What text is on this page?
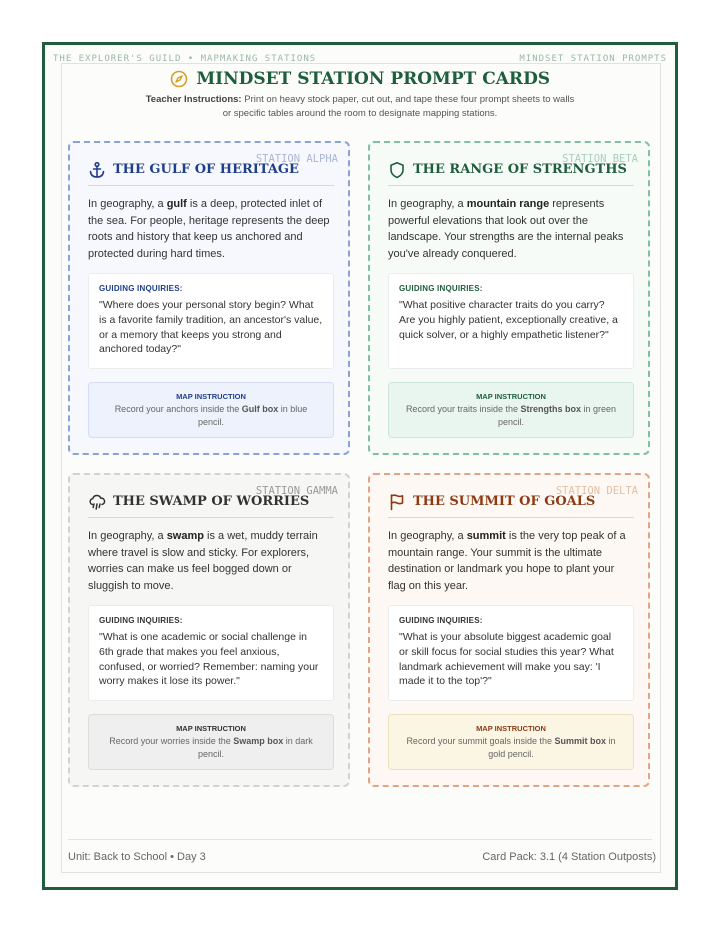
THE EXPLORER'S GUILD • MAPMAKING STATIONS	MINDSET STATION PROMPTS
MINDSET STATION PROMPT CARDS
Teacher Instructions: Print on heavy stock paper, cut out, and tape these four prompt sheets to walls or specific tables around the room to designate mapping stations.
STATION ALPHA
THE GULF OF HERITAGE
In geography, a gulf is a deep, protected inlet of the sea. For people, heritage represents the deep roots and history that keep us anchored and protected during hard times.
GUIDING INQUIRIES:
"Where does your personal story begin? What is a favorite family tradition, an ancestor's value, or a memory that keeps you strong and anchored today?"
MAP INSTRUCTION
Record your anchors inside the Gulf box in blue pencil.
STATION BETA
THE RANGE OF STRENGTHS
In geography, a mountain range represents powerful elevations that look out over the landscape. Your strengths are the internal peaks you've already conquered.
GUIDING INQUIRIES:
"What positive character traits do you carry? Are you highly patient, exceptionally creative, a quick solver, or a highly empathetic listener?"
MAP INSTRUCTION
Record your traits inside the Strengths box in green pencil.
STATION GAMMA
THE SWAMP OF WORRIES
In geography, a swamp is a wet, muddy terrain where travel is slow and sticky. For explorers, worries can make us feel bogged down or sluggish to move.
GUIDING INQUIRIES:
"What is one academic or social challenge in 6th grade that makes you feel anxious, confused, or worried? Remember: naming your worry makes it lose its power."
MAP INSTRUCTION
Record your worries inside the Swamp box in dark pencil.
STATION DELTA
THE SUMMIT OF GOALS
In geography, a summit is the very top peak of a mountain range. Your summit is the ultimate destination or landmark you hope to plant your flag on this year.
GUIDING INQUIRIES:
"What is your absolute biggest academic goal or skill focus for social studies this year? What landmark achievement will make you say: 'I made it to the top'?"
MAP INSTRUCTION
Record your summit goals inside the Summit box in gold pencil.
Unit: Back to School • Day 3	Card Pack: 3.1 (4 Station Outposts)
